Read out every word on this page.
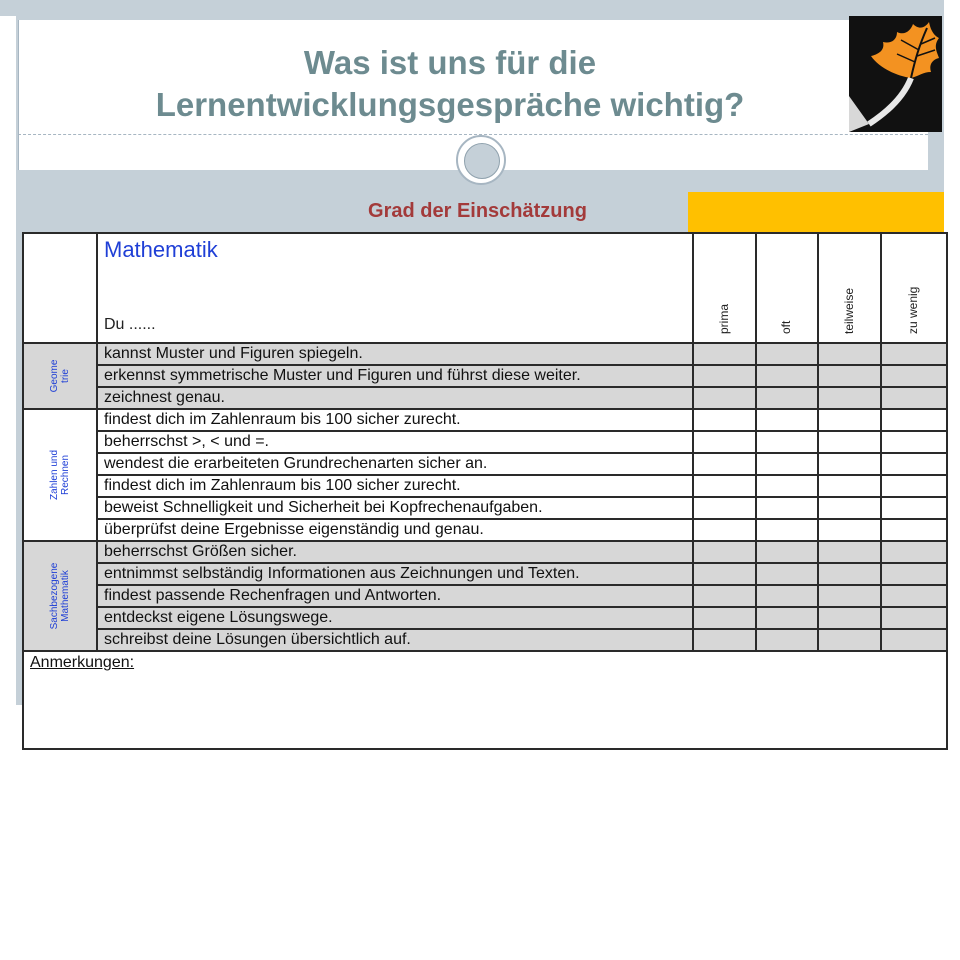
Was ist uns für die
Lernentwicklungsgespräche wichtig?
Grad der Einschätzung

	Mathematik
Du ......	prima	oft	teilweise	zu wenig

Geome
trie	kannst Muster und Figuren spiegeln.				
	erkennst symmetrische Muster und Figuren und führst diese weiter.				
	zeichnest genau.				

Zahlen und
Rechnen	findest dich im Zahlenraum bis 100 sicher zurecht.				
	beherrschst >, < und =.				
	wendest die erarbeiteten Grundrechenarten sicher an.				
	findest dich im Zahlenraum bis 100 sicher zurecht.				
	beweist Schnelligkeit und Sicherheit bei Kopfrechenaufgaben.				
	überprüfst deine Ergebnisse eigenständig und genau.				

Sachbezogene
Mathematik	beherrschst Größen sicher.				
	entnimmst selbständig Informationen aus Zeichnungen und Texten.				
	findest passende Rechenfragen und Antworten.				
	entdeckst eigene Lösungswege.				
	schreibst deine Lösungen übersichtlich auf.				
Anmerkungen:					
